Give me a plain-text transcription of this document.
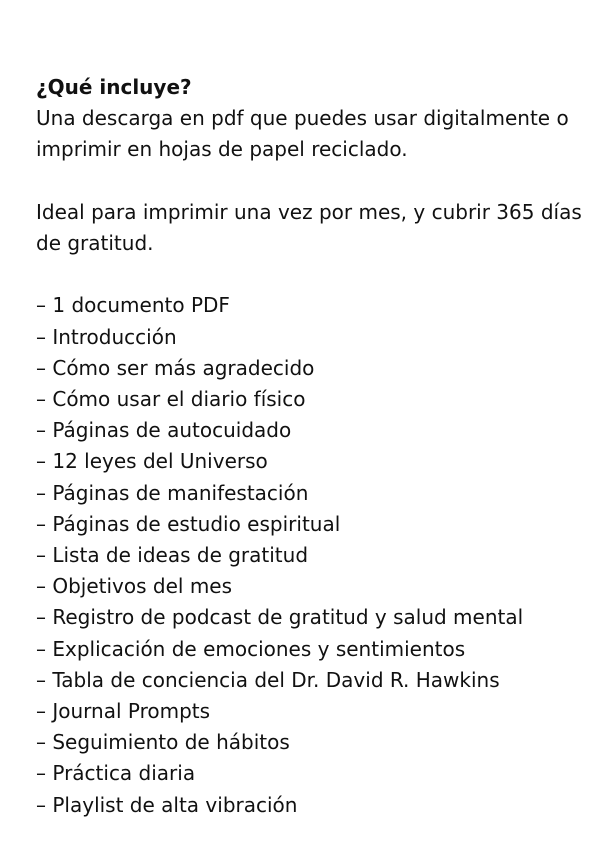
¿Qué incluye?

Una descarga en pdf que puedes usar digitalmente o imprimir en hojas de papel reciclado.

Ideal para imprimir una vez por mes, y cubrir 365 días de gratitud.

– 1 documento PDF
– Introducción
– Cómo ser más agradecido
– Cómo usar el diario físico
– Páginas de autocuidado
– 12 leyes del Universo
– Páginas de manifestación
– Páginas de estudio espiritual
– Lista de ideas de gratitud
– Objetivos del mes
– Registro de podcast de gratitud y salud mental
– Explicación de emociones y sentimientos
– Tabla de conciencia del Dr. David R. Hawkins
– Journal Prompts
– Seguimiento de hábitos
– Práctica diaria
– Playlist de alta vibración
